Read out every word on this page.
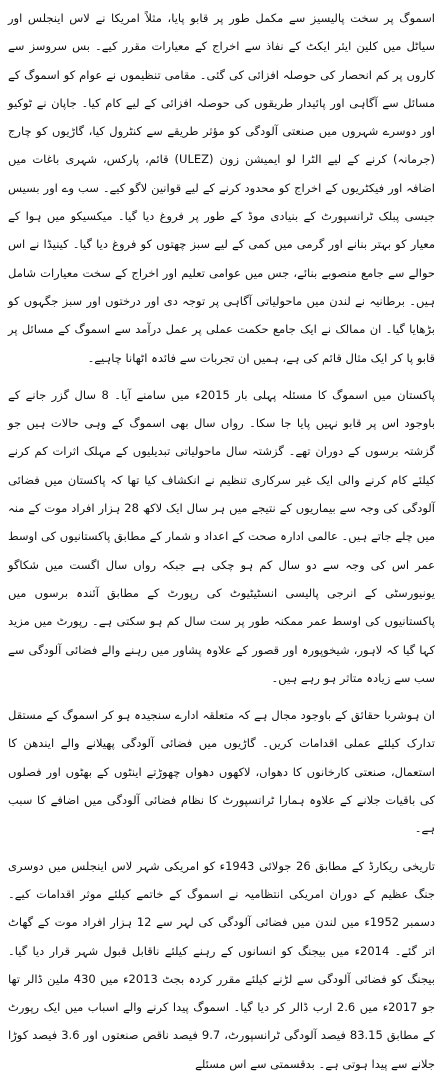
اسموگ پر سخت پالیسیز سے مکمل طور پر قابو پایا، مثلاً امریکا نے لاس اینجلس اور سیاٹل میں کلین ایئر ایکٹ کے نفاذ سے اخراج کے معیارات مقرر کیے۔ بس سروسز سے کاروں پر کم انحصار کی حوصلہ افزائی کی گئی۔ مقامی تنظیموں نے عوام کو اسموگ کے مسائل سے آگاہی اور پائیدار طریقوں کی حوصلہ افزائی کے لیے کام کیا۔ جاپان نے ٹوکیو اور دوسرے شہروں میں صنعتی آلودگی کو مؤثر طریقے سے کنٹرول کیا، گاڑیوں کو چارج (جرمانہ) کرنے کے لیے الٹرا لو ایمیشن زون (ULEZ) قائم، پارکس، شہری باغات میں اضافہ اور فیکٹریوں کے اخراج کو محدود کرنے کے لیے قوانین لاگو کیے۔ سب وے اور بسیس جیسی پبلک ٹرانسپورٹ کے بنیادی موڈ کے طور پر فروغ دیا گیا۔ میکسیکو میں ہوا کے معیار کو بہتر بنانے اور گرمی میں کمی کے لیے سبز چھتوں کو فروغ دیا گیا۔ کینیڈا نے اس حوالے سے جامع منصوبے بنائے، جس میں عوامی تعلیم اور اخراج کے سخت معیارات شامل ہیں۔ برطانیہ نے لندن میں ماحولیاتی آگاہی پر توجہ دی اور درختوں اور سبز جگہوں کو بڑھایا گیا۔ ان ممالک نے ایک جامع حکمت عملی پر عمل درآمد سے اسموگ کے مسائل پر قابو پا کر ایک مثال قائم کی ہے، ہمیں ان تجربات سے فائدہ اٹھانا چاہیے۔

پاکستان میں اسموگ کا مسئلہ پہلی بار 2015ء میں سامنے آیا۔ 8 سال گزر جانے کے باوجود اس پر قابو نہیں پایا جا سکا۔ رواں سال بھی اسموگ کے وہی حالات ہیں جو گزشتہ برسوں کے دوران تھے۔ گزشتہ سال ماحولیاتی تبدیلیوں کے مہلک اثرات کم کرنے کیلئے کام کرنے والی ایک غیر سرکاری تنظیم نے انکشاف کیا تھا کہ پاکستان میں فضائی آلودگی کی وجہ سے بیماریوں کے نتیجے میں ہر سال ایک لاکھ 28 ہزار افراد موت کے منہ میں چلے جاتے ہیں۔ عالمی ادارہ صحت کے اعداد و شمار کے مطابق پاکستانیوں کی اوسط عمر اس کی وجہ سے دو سال کم ہو چکی ہے جبکہ رواں سال اگست میں شکاگو یونیورسٹی کے انرجی پالیسی انسٹیٹیوٹ کی رپورٹ کے مطابق آئندہ برسوں میں پاکستانیوں کی اوسط عمر ممکنہ طور پر ست سال کم ہو سکتی ہے۔ رپورٹ میں مزید کہا گیا کہ لاہور، شیخوپورہ اور قصور کے علاوہ پشاور میں رہنے والے فضائی آلودگی سے سب سے زیادہ متاثر ہو رہے ہیں۔

ان ہوشربا حقائق کے باوجود مجال ہے کہ متعلقہ ادارے سنجیدہ ہو کر اسموگ کے مستقل تدارک کیلئے عملی اقدامات کریں۔ گاڑیوں میں فضائی آلودگی پھیلانے والے ایندھن کا استعمال، صنعتی کارخانوں کا دھواں، لاکھوں دھواں چھوڑتے اینٹوں کے بھٹوں اور فصلوں کی باقیات جلانے کے علاوہ ہمارا ٹرانسپورٹ کا نظام فضائی آلودگی میں اضافے کا سبب ہے۔

تاریخی ریکارڈ کے مطابق 26 جولائی 1943ء کو امریکی شہر لاس اینجلس میں دوسری جنگ عظیم کے دوران امریکی انتظامیہ نے اسموگ کے خاتمے کیلئے موثر اقدامات کیے۔ دسمبر 1952ء میں لندن میں فضائی آلودگی کی لہر سے 12 ہزار افراد موت کے گھاٹ اتر گئے۔ 2014ء میں بیجنگ کو انسانوں کے رہنے کیلئے ناقابل قبول شہر قرار دیا گیا۔ بیجنگ کو فضائی آلودگی سے لڑنے کیلئے مقرر کردہ بجٹ 2013ء میں 430 ملین ڈالر تھا جو 2017ء میں 2.6 ارب ڈالر کر دیا گیا۔ اسموگ پیدا کرنے والے اسباب میں ایک رپورٹ کے مطابق 83.15 فیصد آلودگی ٹرانسپورٹ، 9.7 فیصد ناقص صنعتوں اور 3.6 فیصد کوڑا جلانے سے پیدا ہوتی ہے۔ بدقسمتی سے اس مسئلے
